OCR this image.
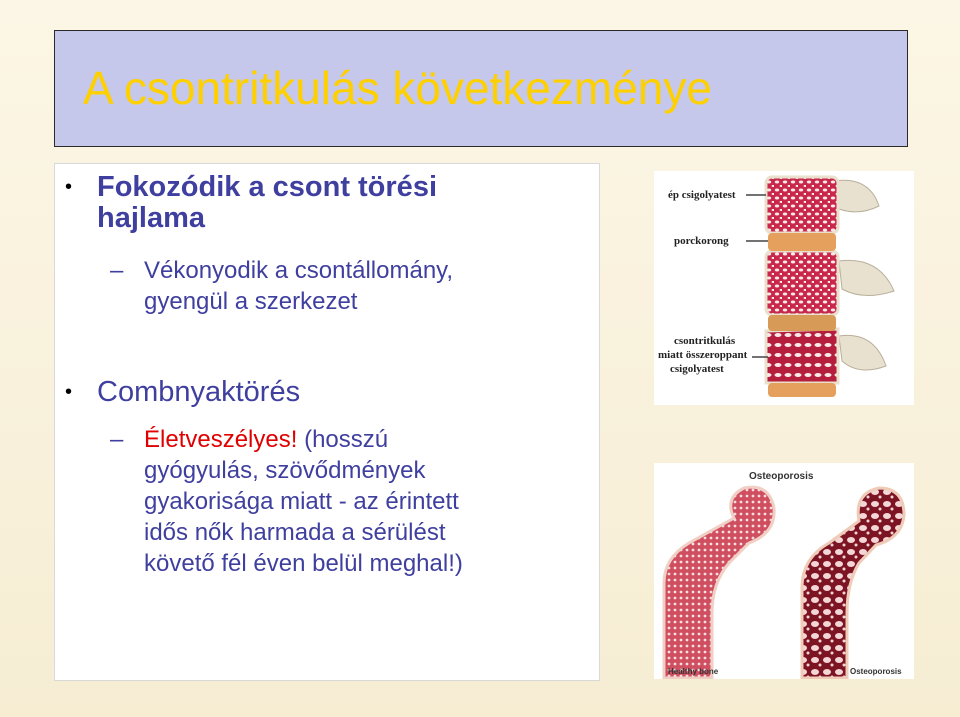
A csontritkulás következménye
• Fokozódik a csont törési
hajlama
– Vékonyodik a csontállomány,
gyengül a szerkezet
• Combnyaktörés
– Életveszélyes! (hosszú
gyógyulás, szövődmények
gyakorisága miatt - az érintett
idős nők harmada a sérülést
követő fél éven belül meghal!)
ép csigolyatest
porckorong
csontritkulás
miatt összeroppant
csigolyatest
Osteoporosis
Healthy bone	Osteoporosis
